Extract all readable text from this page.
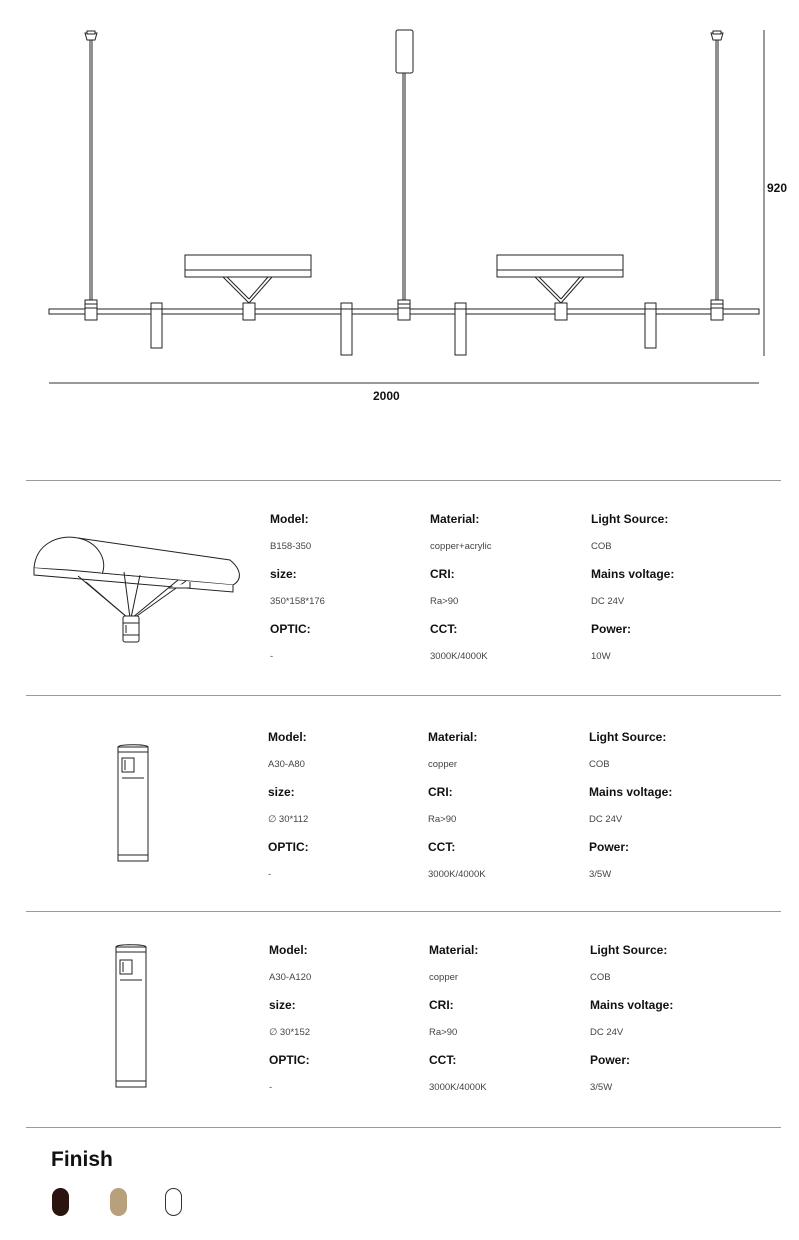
920
2000
Model:
B158-350
Material:
copper+acrylic
Light Source:
COB
size:
350*158*176
CRI:
Ra>90
Mains voltage:
DC 24V
OPTIC:
-
CCT:
3000K/4000K
Power:
10W
Model:
A30-A80
Material:
copper
Light Source:
COB
size:
∅ 30*112
CRI:
Ra>90
Mains voltage:
DC 24V
OPTIC:
-
CCT:
3000K/4000K
Power:
3/5W
Model:
A30-A120
Material:
copper
Light Source:
COB
size:
∅ 30*152
CRI:
Ra>90
Mains voltage:
DC 24V
OPTIC:
-
CCT:
3000K/4000K
Power:
3/5W
Finish
